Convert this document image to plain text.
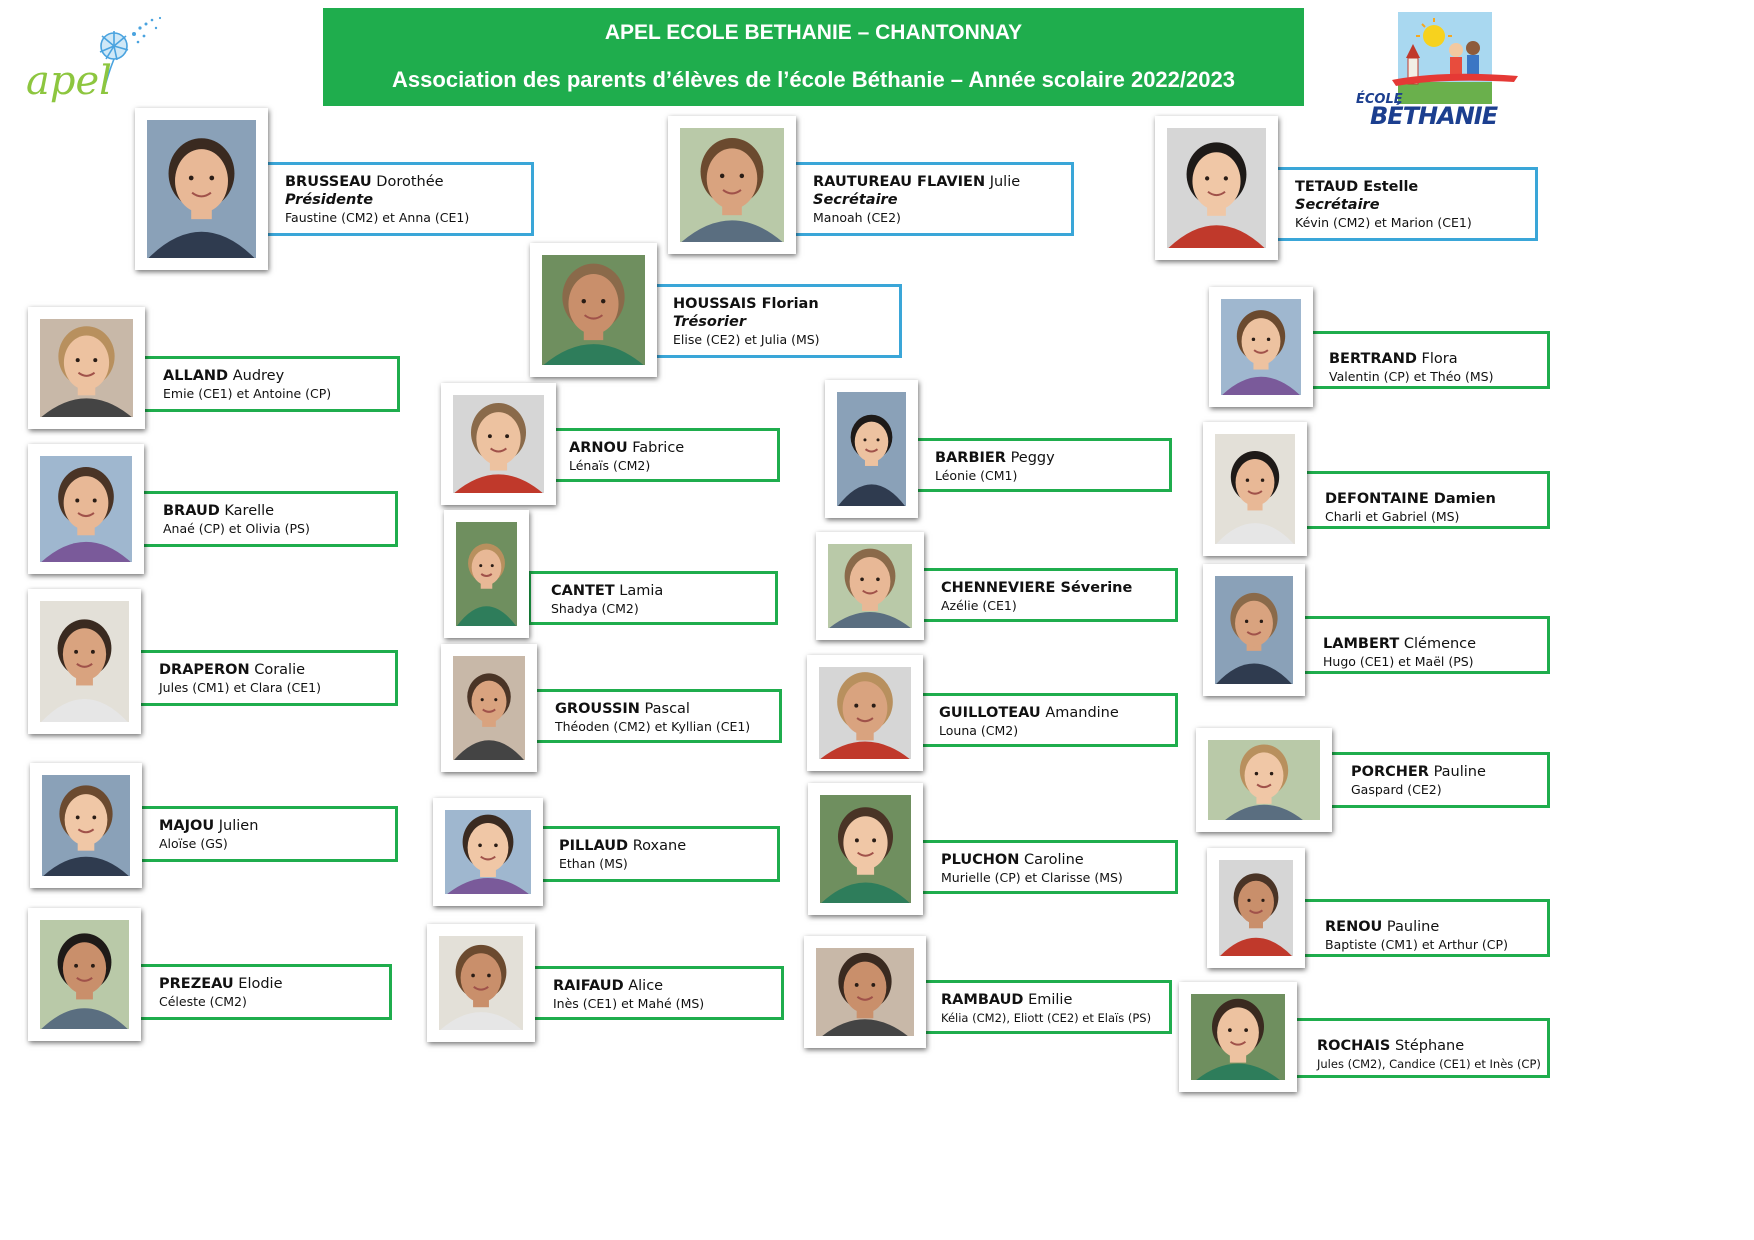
APEL ECOLE BETHANIE – CHANTONNAY
Association des parents d’élèves de l’école Béthanie – Année scolaire 2022/2023
apel	ÉCOLE
BÉTHANIE
BRUSSEAU Dorothée
Présidente
Faustine (CM2) et Anna (CE1)
RAUTUREAU FLAVIEN Julie
Secrétaire
Manoah (CE2)
TETAUD Estelle
Secrétaire
Kévin (CM2) et Marion (CE1)
HOUSSAIS Florian
Trésorier
Elise (CE2) et Julia (MS)
ALLAND Audrey
Emie (CE1) et Antoine (CP)
BRAUD Karelle
Anaé (CP) et Olivia (PS)
DRAPERON Coralie
Jules (CM1) et Clara (CE1)
MAJOU Julien
Aloïse (GS)
PREZEAU Elodie
Céleste (CM2)
ARNOU Fabrice
Lénaïs (CM2)
CANTET Lamia
Shadya (CM2)
GROUSSIN Pascal
Théoden (CM2) et Kyllian (CE1)
PILLAUD Roxane
Ethan (MS)
RAIFAUD Alice
Inès (CE1) et Mahé (MS)
BARBIER Peggy
Léonie (CM1)
CHENNEVIERE Séverine
Azélie (CE1)
GUILLOTEAU Amandine
Louna (CM2)
PLUCHON Caroline
Murielle (CP) et Clarisse (MS)
RAMBAUD Emilie
Kélia (CM2), Eliott (CE2) et Elaïs (PS)
BERTRAND Flora
Valentin (CP) et Théo (MS)
DEFONTAINE Damien
Charli et Gabriel (MS)
LAMBERT Clémence
Hugo (CE1) et Maël (PS)
PORCHER Pauline
Gaspard (CE2)
RENOU Pauline
Baptiste (CM1) et Arthur (CP)
ROCHAIS Stéphane
Jules (CM2), Candice (CE1) et Inès (CP)
